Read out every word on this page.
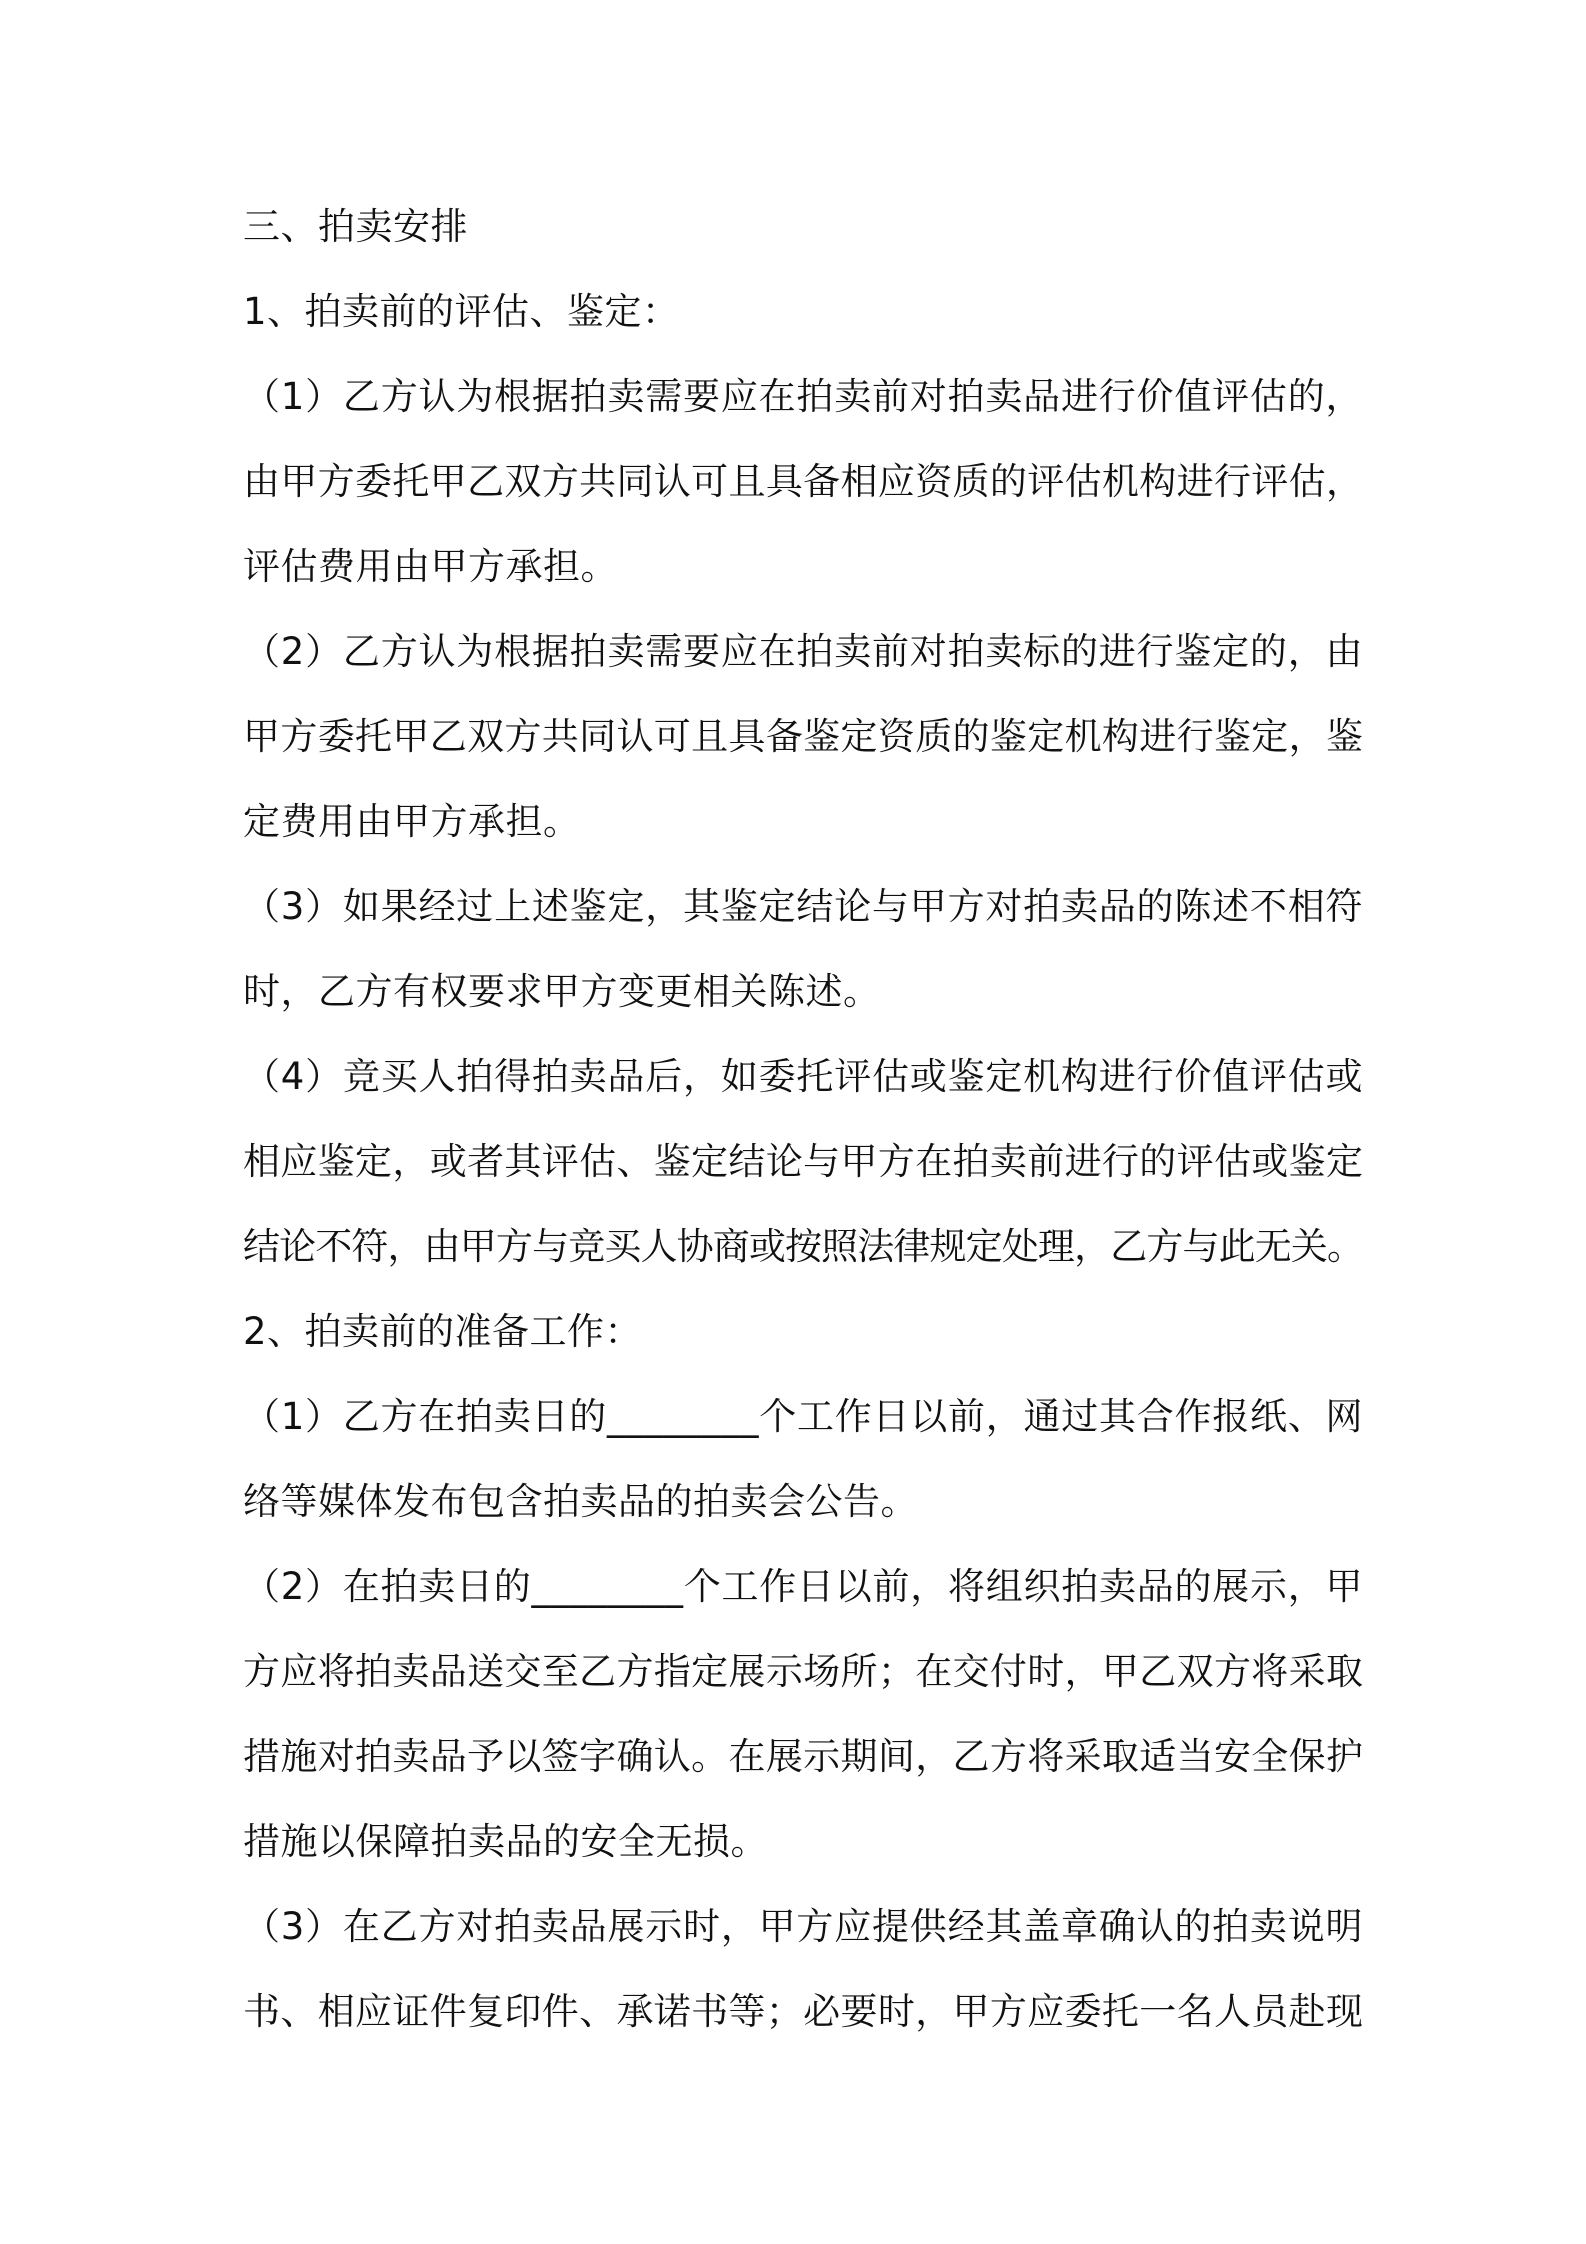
三、拍卖安排
1、拍卖前的评估、鉴定：
（1）乙方认为根据拍卖需要应在拍卖前对拍卖品进行价值评估的，
由甲方委托甲乙双方共同认可且具备相应资质的评估机构进行评估，
评估费用由甲方承担。
（2）乙方认为根据拍卖需要应在拍卖前对拍卖标的进行鉴定的，由
甲方委托甲乙双方共同认可且具备鉴定资质的鉴定机构进行鉴定，鉴
定费用由甲方承担。
（3）如果经过上述鉴定，其鉴定结论与甲方对拍卖品的陈述不相符
时，乙方有权要求甲方变更相关陈述。
（4）竞买人拍得拍卖品后，如委托评估或鉴定机构进行价值评估或
相应鉴定，或者其评估、鉴定结论与甲方在拍卖前进行的评估或鉴定
结论不符，由甲方与竞买人协商或按照法律规定处理，乙方与此无关。
2、拍卖前的准备工作：
（1）乙方在拍卖日的________个工作日以前，通过其合作报纸、网
络等媒体发布包含拍卖品的拍卖会公告。
（2）在拍卖日的________个工作日以前，将组织拍卖品的展示，甲
方应将拍卖品送交至乙方指定展示场所；在交付时，甲乙双方将采取
措施对拍卖品予以签字确认。在展示期间，乙方将采取适当安全保护
措施以保障拍卖品的安全无损。
（3）在乙方对拍卖品展示时，甲方应提供经其盖章确认的拍卖说明
书、相应证件复印件、承诺书等；必要时，甲方应委托一名人员赴现
